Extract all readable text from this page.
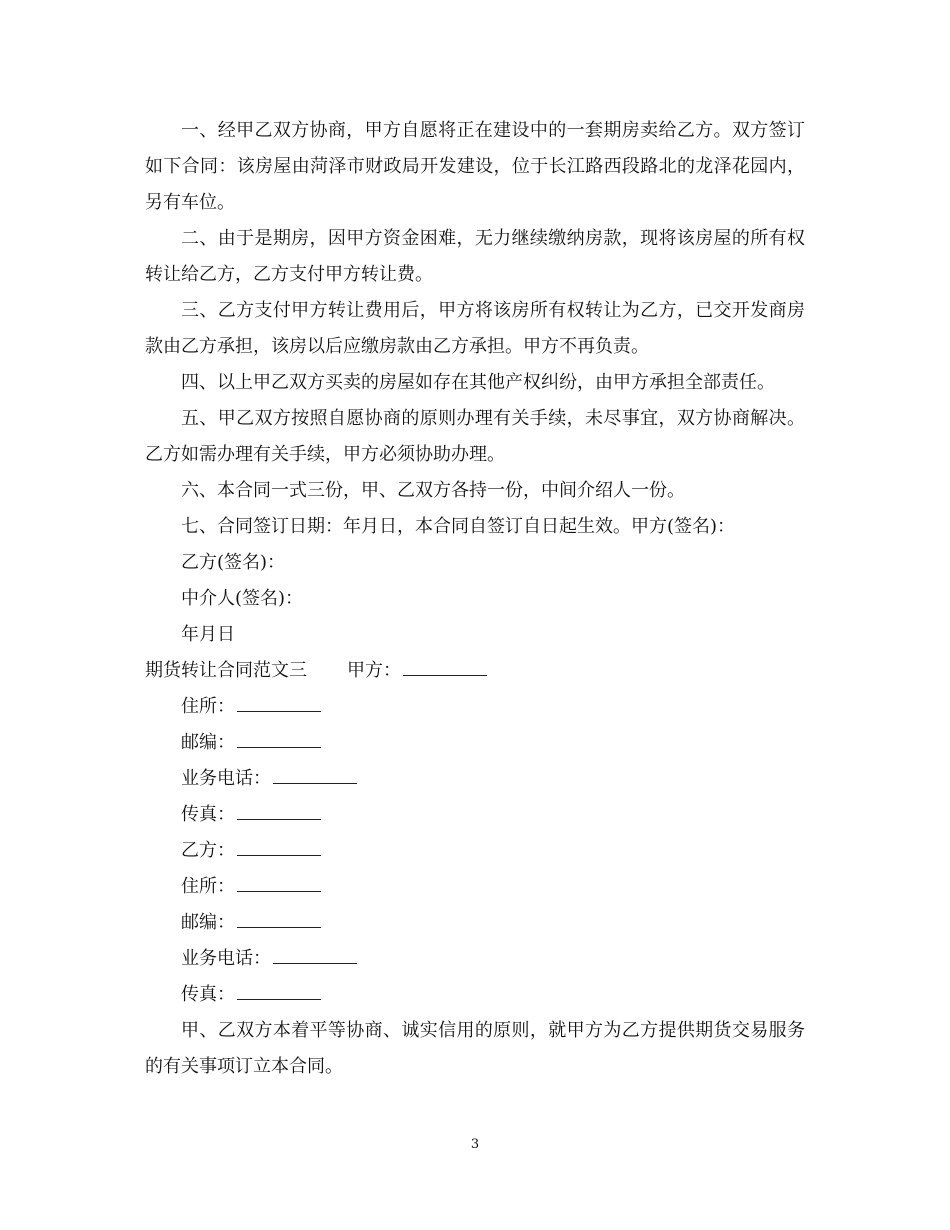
一、经甲乙双方协商，甲方自愿将正在建设中的一套期房卖给乙方。双方签订如下合同：该房屋由菏泽市财政局开发建设，位于长江路西段路北的龙泽花园内，另有车位。

二、由于是期房，因甲方资金困难，无力继续缴纳房款，现将该房屋的所有权转让给乙方，乙方支付甲方转让费。

三、乙方支付甲方转让费用后，甲方将该房所有权转让为乙方，已交开发商房款由乙方承担，该房以后应缴房款由乙方承担。甲方不再负责。

四、以上甲乙双方买卖的房屋如存在其他产权纠纷，由甲方承担全部责任。

五、甲乙双方按照自愿协商的原则办理有关手续，未尽事宜，双方协商解决。乙方如需办理有关手续，甲方必须协助办理。

六、本合同一式三份，甲、乙双方各持一份，中间介绍人一份。

七、合同签订日期：年月日，本合同自签订自日起生效。甲方(签名)：

乙方(签名)：

中介人(签名)：

年月日

期货转让合同范文三 甲方：

住所：

邮编：

业务电话：

传真：

乙方：

住所：

邮编：

业务电话：

传真：

甲、乙双方本着平等协商、诚实信用的原则，就甲方为乙方提供期货交易服务的有关事项订立本合同。

3
